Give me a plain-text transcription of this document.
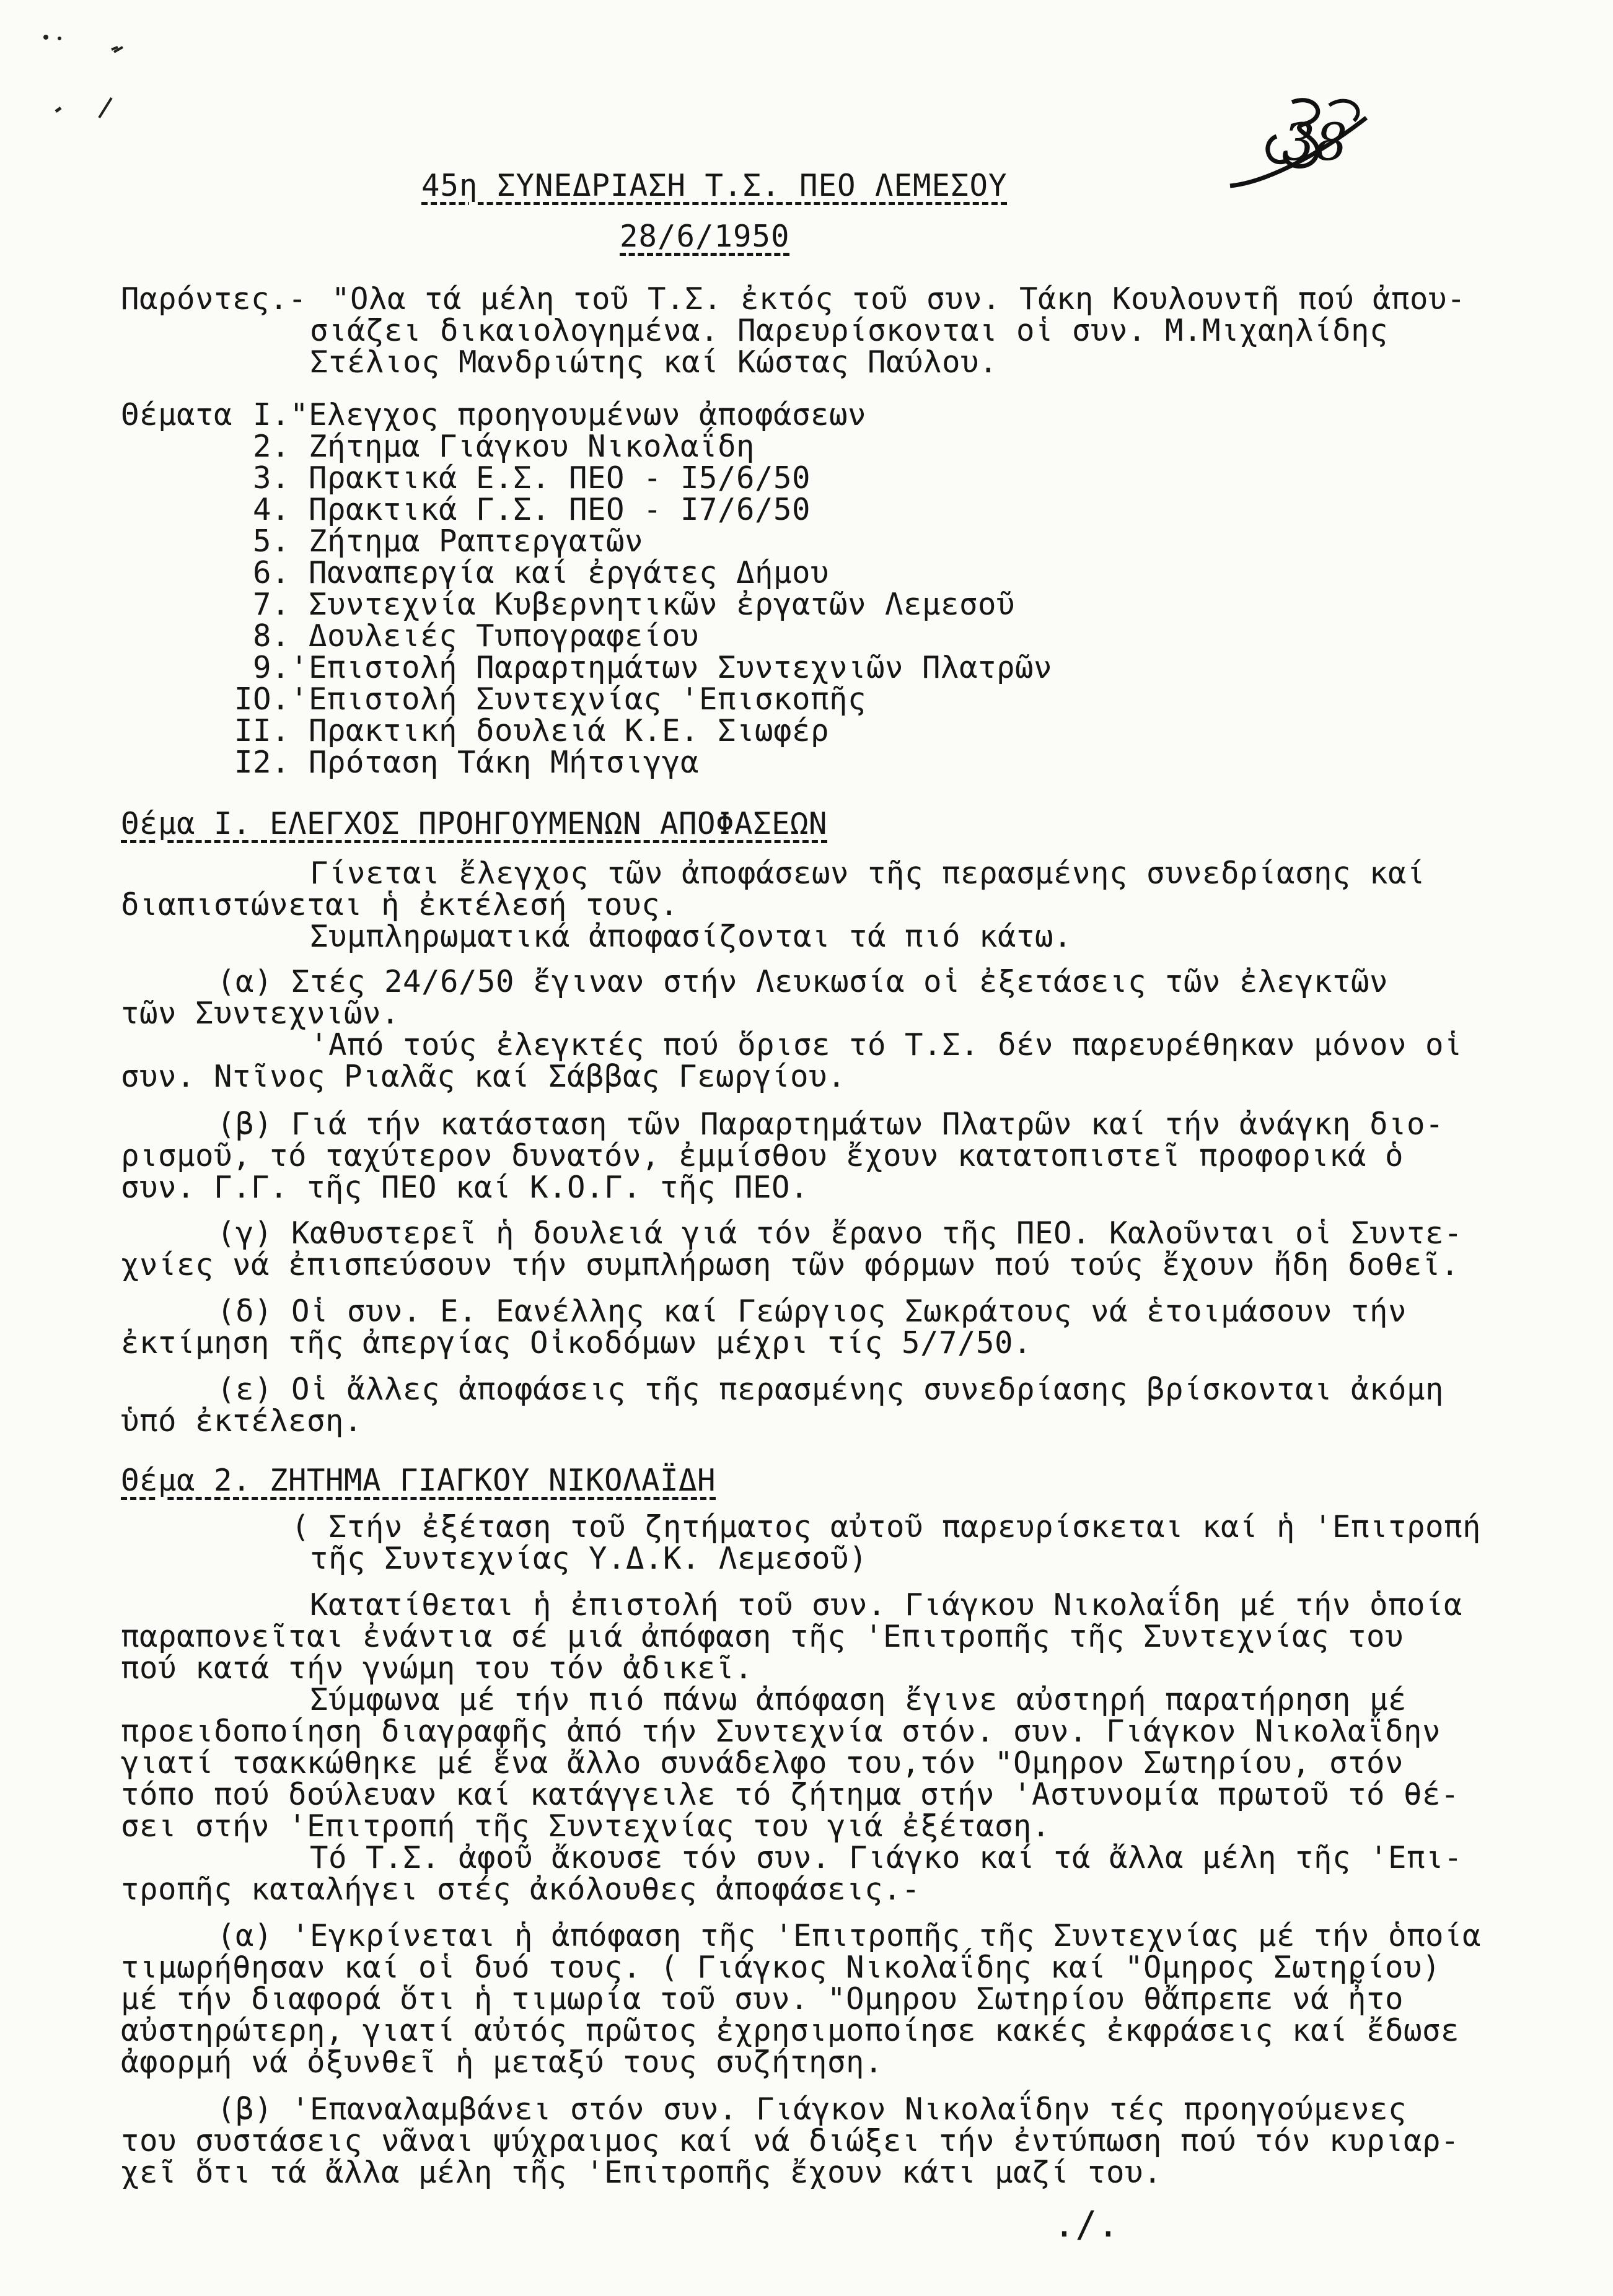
38
45η ΣΥΝΕΔΡΙΑΣΗ Τ.Σ. ΠΕΟ ΛΕΜΕΣΟΥ
28/6/1950
Παρόντες.- "Ολα τά μέλη τοῦ Τ.Σ. ἐκτός τοῦ συν. Τάκη Κουλουντῆ πού ἀπου-
σιάζει δικαιολογημένα. Παρευρίσκονται οἱ συν. Μ.Μιχαηλίδης
Στέλιος Μανδριώτης καί Κώστας Παύλου.
Θέματα I."Ελεγχος προηγουμένων ἀποφάσεων
2. Ζήτημα Γιάγκου Νικολαΐδη
3. Πρακτικά Ε.Σ. ΠΕΟ - I5/6/50
4. Πρακτικά Γ.Σ. ΠΕΟ - I7/6/50
5. Ζήτημα Ραπτεργατῶν
6. Παναπεργία καί ἐργάτες Δήμου
7. Συντεχνία Κυβερνητικῶν ἐργατῶν Λεμεσοῦ
8. Δουλειές Τυπογραφείου
9.'Επιστολή Παραρτημάτων Συντεχνιῶν Πλατρῶν
IO.'Επιστολή Συντεχνίας 'Επισκοπῆς
II. Πρακτική δουλειά Κ.Ε. Σιωφέρ
I2. Πρόταση Τάκη Μήτσιγγα
Θέμα I. ΕΛΕΓΧΟΣ ΠΡΟΗΓΟΥΜΕΝΩΝ ΑΠΟΦΑΣΕΩΝ
Γίνεται ἔλεγχος τῶν ἀποφάσεων τῆς περασμένης συνεδρίασης καί
διαπιστώνεται ἡ ἐκτέλεσή τους.
Συμπληρωματικά ἀποφασίζονται τά πιό κάτω.
(α) Στές 24/6/50 ἔγιναν στήν Λευκωσία οἱ ἐξετάσεις τῶν ἐλεγκτῶν
τῶν Συντεχνιῶν.
'Από τούς ἐλεγκτές πού ὅρισε τό Τ.Σ. δέν παρευρέθηκαν μόνον οἱ
συν. Ντῖνος Ριαλᾶς καί Σάββας Γεωργίου.
(β) Γιά τήν κατάσταση τῶν Παραρτημάτων Πλατρῶν καί τήν ἀνάγκη διο-
ρισμοῦ, τό ταχύτερον δυνατόν, ἐμμίσθου ἔχουν κατατοπιστεῖ προφορικά ὁ
συν. Γ.Γ. τῆς ΠΕΟ καί Κ.Ο.Γ. τῆς ΠΕΟ.
(γ) Καθυστερεῖ ἡ δουλειά γιά τόν ἔρανο τῆς ΠΕΟ. Καλοῦνται οἱ Συντε-
χνίες νά ἐπισπεύσουν τήν συμπλήρωση τῶν φόρμων πού τούς ἔχουν ἤδη δοθεῖ.
(δ) Οἱ συν. Ε. Εανέλλης καί Γεώργιος Σωκράτους νά ἑτοιμάσουν τήν
ἐκτίμηση τῆς ἀπεργίας Οἰκοδόμων μέχρι τίς 5/7/50.
(ε) Οἱ ἄλλες ἀποφάσεις τῆς περασμένης συνεδρίασης βρίσκονται ἀκόμη
ὑπό ἐκτέλεση.
Θέμα 2. ΖΗΤΗΜΑ ΓΙΑΓΚΟΥ ΝΙΚΟΛΑΪΔΗ
( Στήν ἐξέταση τοῦ ζητήματος αὐτοῦ παρευρίσκεται καί ἡ 'Επιτροπή
τῆς Συντεχνίας Υ.Δ.Κ. Λεμεσοῦ)
Κατατίθεται ἡ ἐπιστολή τοῦ συν. Γιάγκου Νικολαΐδη μέ τήν ὁποία
παραπονεῖται ἐνάντια σέ μιά ἀπόφαση τῆς 'Επιτροπῆς τῆς Συντεχνίας του
πού κατά τήν γνώμη του τόν ἀδικεῖ.
Σύμφωνα μέ τήν πιό πάνω ἀπόφαση ἔγινε αὐστηρή παρατήρηση μέ
προειδοποίηση διαγραφῆς ἀπό τήν Συντεχνία στόν. συν. Γιάγκον Νικολαΐδην
γιατί τσακκώθηκε μέ ἕνα ἄλλο συνάδελφο του,τόν "Ομηρον Σωτηρίου, στόν
τόπο πού δούλευαν καί κατάγγειλε τό ζήτημα στήν 'Αστυνομία πρωτοῦ τό θέ-
σει στήν 'Επιτροπή τῆς Συντεχνίας του γιά ἐξέταση.
Τό Τ.Σ. ἀφοῦ ἄκουσε τόν συν. Γιάγκο καί τά ἄλλα μέλη τῆς 'Επι-
τροπῆς καταλήγει στές ἀκόλουθες ἀποφάσεις.-
(α) 'Εγκρίνεται ἡ ἀπόφαση τῆς 'Επιτροπῆς τῆς Συντεχνίας μέ τήν ὁποία
τιμωρήθησαν καί οἱ δυό τους. ( Γιάγκος Νικολαΐδης καί "Ομηρος Σωτηρίου)
μέ τήν διαφορά ὅτι ἡ τιμωρία τοῦ συν. "Ομηρου Σωτηρίου θἄπρεπε νά ἦτο
αὐστηρώτερη, γιατί αὐτός πρῶτος ἐχρησιμοποίησε κακές ἐκφράσεις καί ἔδωσε
ἀφορμή νά ὀξυνθεῖ ἡ μεταξύ τους συζήτηση.
(β) 'Επαναλαμβάνει στόν συν. Γιάγκον Νικολαΐδην τές προηγούμενες
του συστάσεις νᾶναι ψύχραιμος καί νά διώξει τήν ἐντύπωση πού τόν κυριαρ-
χεῖ ὅτι τά ἄλλα μέλη τῆς 'Επιτροπῆς ἔχουν κάτι μαζί του.
./.
